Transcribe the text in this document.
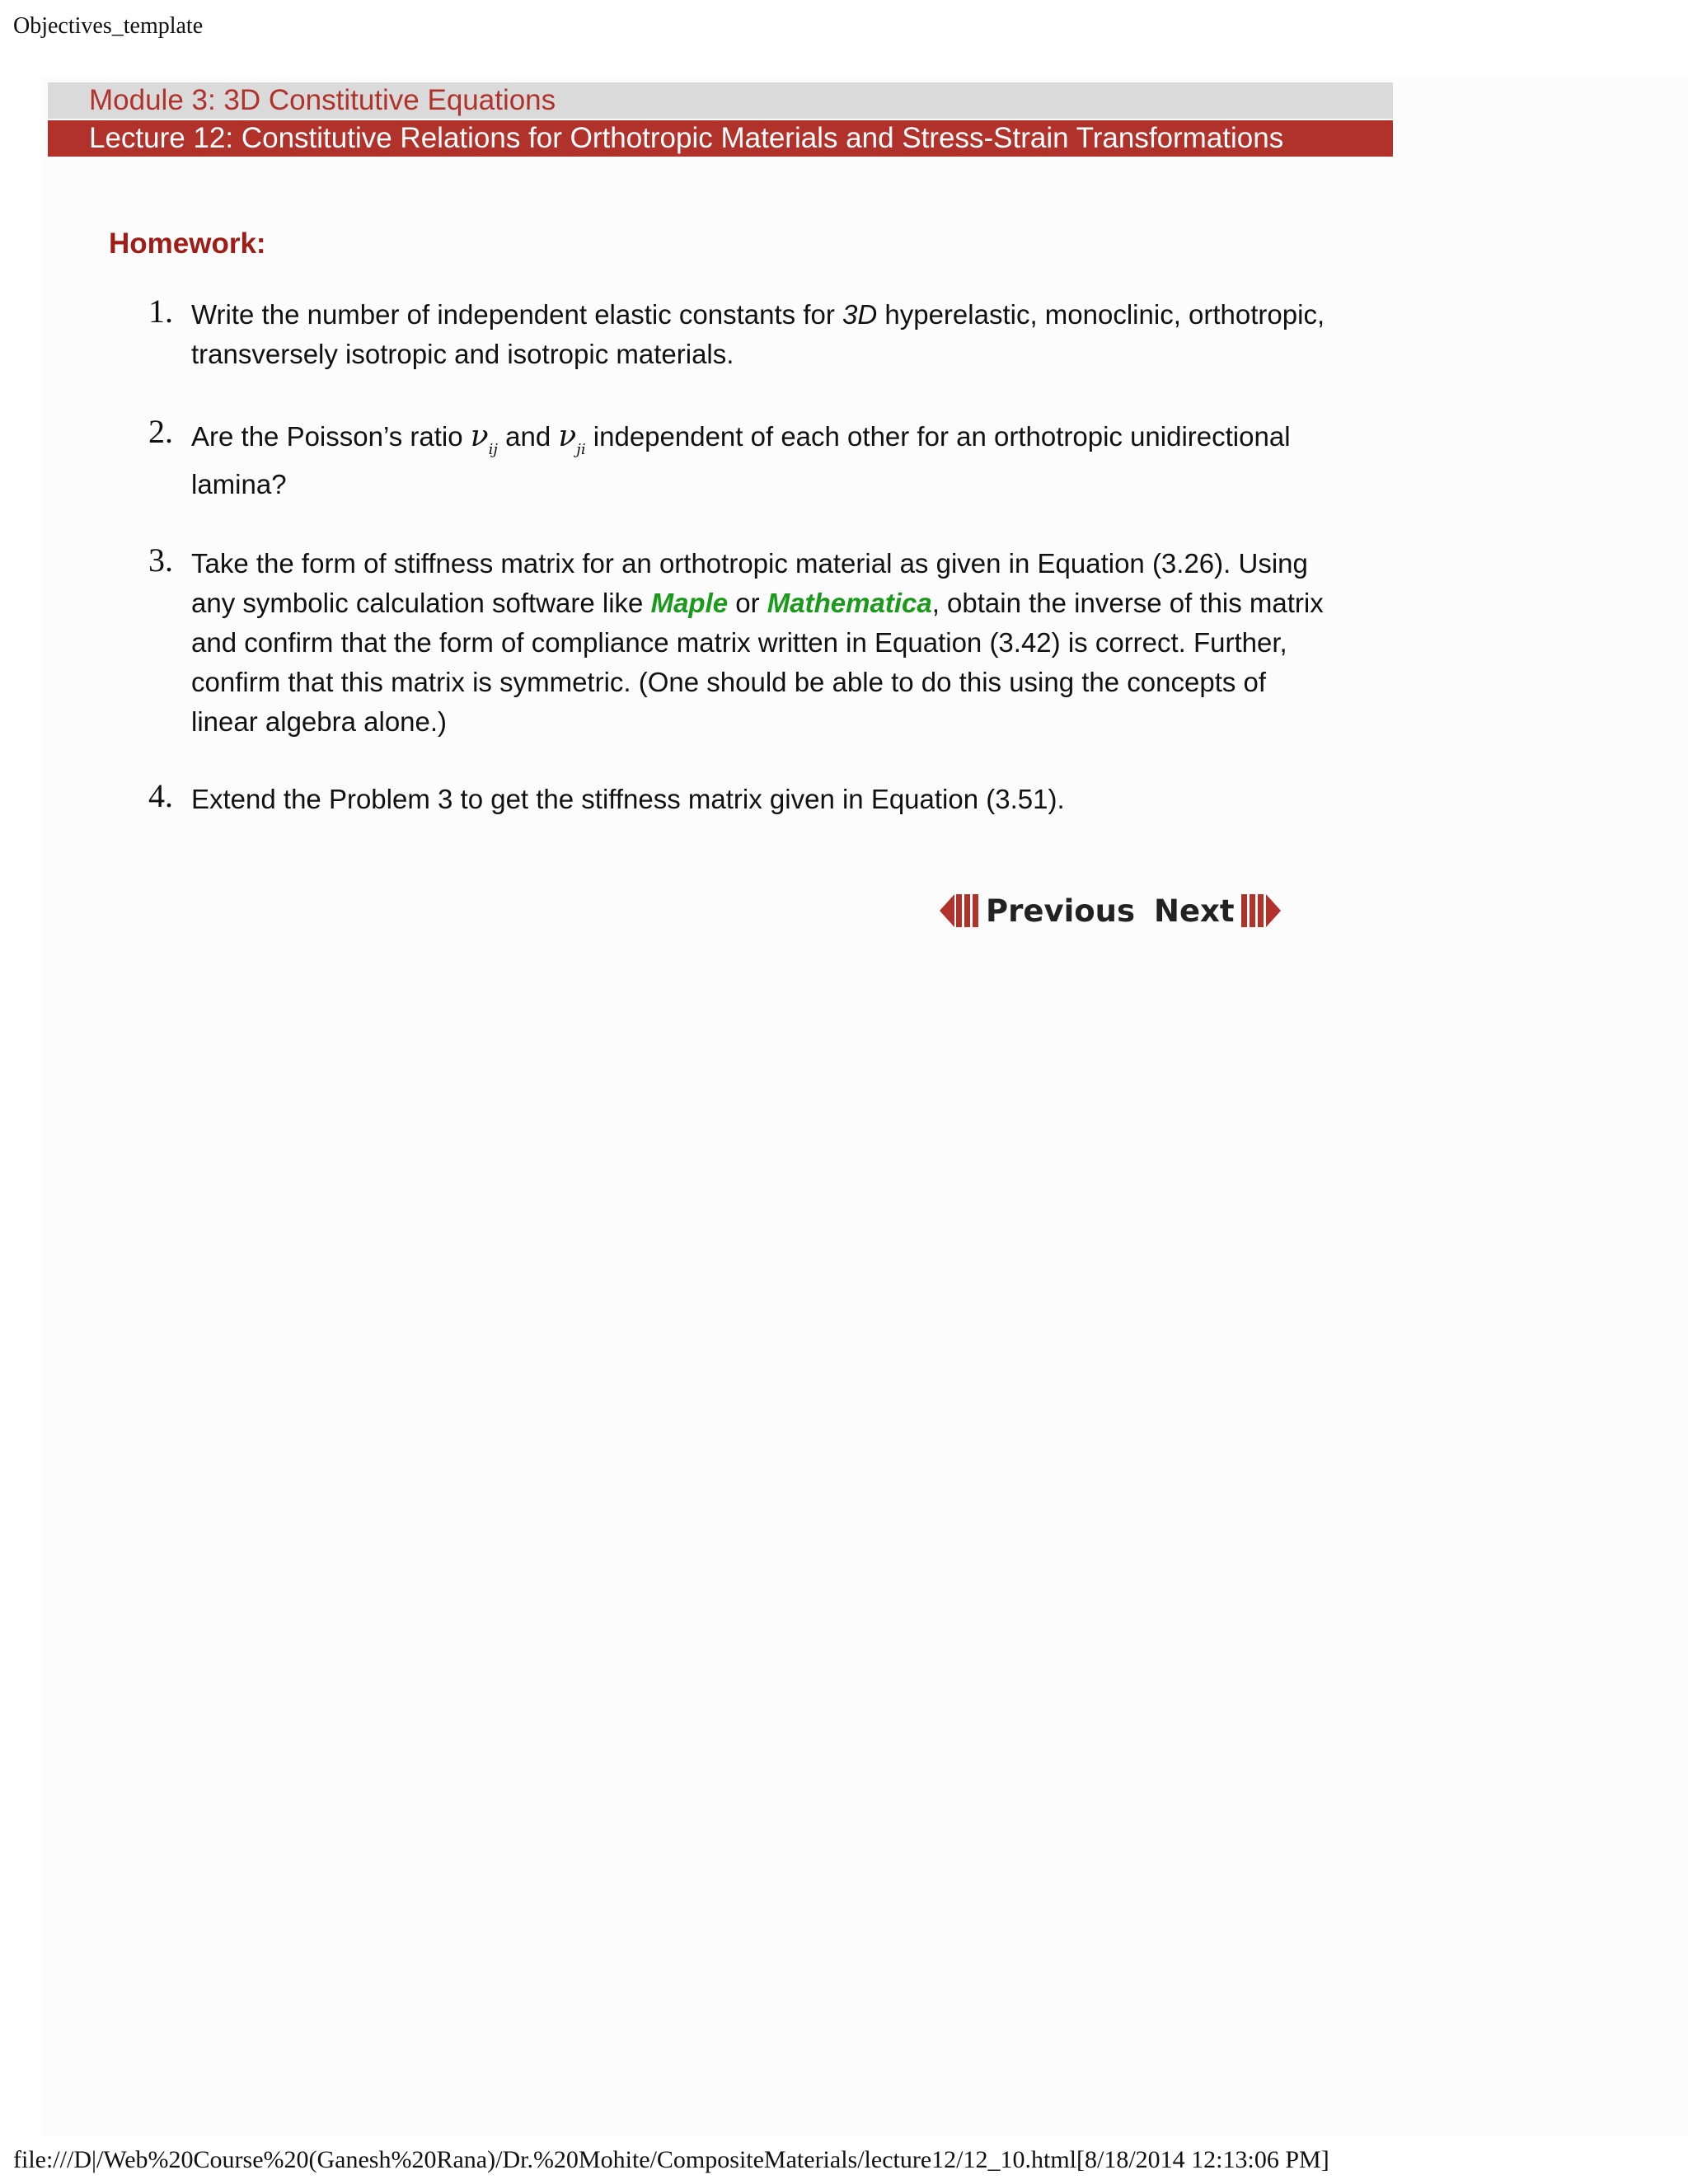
Objectives_template
Module 3: 3D Constitutive Equations
Lecture 12: Constitutive Relations for Orthotropic Materials and Stress-Strain Transformations
Homework:
1. Write the number of independent elastic constants for 3D hyperelastic, monoclinic, orthotropic,
transversely isotropic and isotropic materials.
2. Are the Poisson’s ratio $\nu_{ij}$ and $\nu_{ji}$ independent of each other for an orthotropic unidirectional
lamina?
3. Take the form of stiffness matrix for an orthotropic material as given in Equation (3.26). Using
any symbolic calculation software like Maple or Mathematica, obtain the inverse of this matrix
and confirm that the form of compliance matrix written in Equation (3.42) is correct. Further,
confirm that this matrix is symmetric. (One should be able to do this using the concepts of
linear algebra alone.)
4. Extend the Problem 3 to get the stiffness matrix given in Equation (3.51).
Previous Next
file:///D|/Web%20Course%20(Ganesh%20Rana)/Dr.%20Mohite/CompositeMaterials/lecture12/12_10.html[8/18/2014 12:13:06 PM]
